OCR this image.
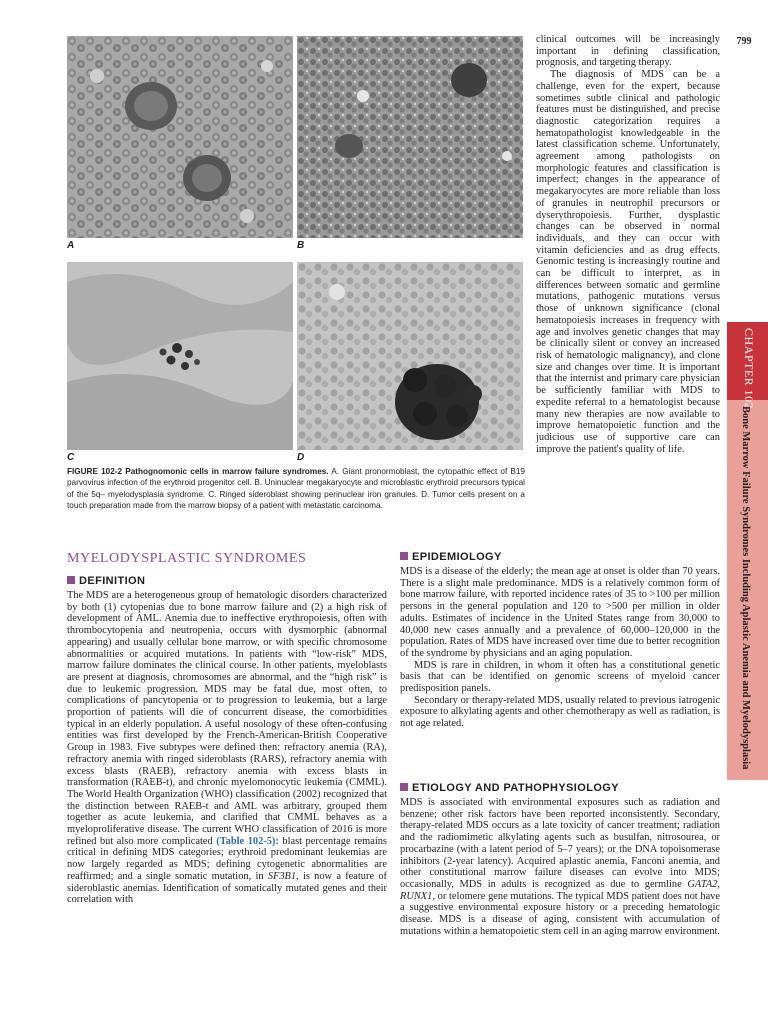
799
CHAPTER 102
Bone Marrow Failure Syndromes Including Aplastic Anemia and Myelodysplasia
A	B
C	D
FIGURE 102-2 Pathognomonic cells in marrow failure syndromes. A. Giant pronormoblast, the cytopathic effect of B19 parvovirus infection of the erythroid progenitor cell. B. Uninuclear megakaryocyte and microblastic erythroid precursors typical of the 5q– myelodysplasia syndrome. C. Ringed sideroblast showing perinuclear iron granules. D. Tumor cells present on a touch preparation made from the marrow biopsy of a patient with metastatic carcinoma.

clinical outcomes will be increasingly important in defining classification, prognosis, and targeting therapy.

The diagnosis of MDS can be a challenge, even for the expert, because sometimes subtle clinical and pathologic features must be distinguished, and precise diagnostic categorization requires a hematopathologist knowledgeable in the latest classification scheme. Unfortunately, agreement among pathologists on morphologic features and classification is imperfect; changes in the appearance of megakaryocytes are more reliable than loss of granules in neutrophil precursors or dyserythropoiesis. Further, dysplastic changes can be observed in normal individuals, and they can occur with vitamin deficiencies and as drug effects. Genomic testing is increasingly routine and can be difficult to interpret, as in differences between somatic and germline mutations, pathogenic mutations versus those of unknown significance (clonal hematopoiesis increases in frequency with age and involves genetic changes that may be clinically silent or convey an increased risk of hematologic malignancy), and clone size and changes over time. It is important that the internist and primary care physician be sufficiently familiar with MDS to expedite referral to a hematologist because many new therapies are now available to improve hematopoietic function and the judicious use of supportive care can improve the patient's quality of life.

MYELODYSPLASTIC SYNDROMES
DEFINITION

The MDS are a heterogeneous group of hematologic disorders characterized by both (1) cytopenias due to bone marrow failure and (2) a high risk of development of AML. Anemia due to ineffective erythropoiesis, often with thrombocytopenia and neutropenia, occurs with dysmorphic (abnormal appearing) and usually cellular bone marrow, or with specific chromosome abnormalities or acquired mutations. In patients with “low-risk” MDS, marrow failure dominates the clinical course. In other patients, myeloblasts are present at diagnosis, chromosomes are abnormal, and the “high risk” is due to leukemic progression. MDS may be fatal due, most often, to complications of pancytopenia or to progression to leukemia, but a large proportion of patients will die of concurrent disease, the comorbidities typical in an elderly population. A useful nosology of these often-confusing entities was first developed by the French-American-British Cooperative Group in 1983. Five subtypes were defined then: refractory anemia (RA), refractory anemia with ringed sideroblasts (RARS), refractory anemia with excess blasts (RAEB), refractory anemia with excess blasts in transformation (RAEB-t), and chronic myelomonocytic leukemia (CMML). The World Health Organization (WHO) classification (2002) recognized that the distinction between RAEB-t and AML was arbitrary, grouped them together as acute leukemia, and clarified that CMML behaves as a myeloproliferative disease. The current WHO classification of 2016 is more refined but also more complicated (Table 102-5): blast percentage remains critical in defining MDS categories; erythroid predominant leukemias are now largely regarded as MDS; defining cytogenetic abnormalities are reaffirmed; and a single somatic mutation, in SF3B1, is now a feature of sideroblastic anemias. Identification of somatically mutated genes and their correlation with

EPIDEMIOLOGY

MDS is a disease of the elderly; the mean age at onset is older than 70 years. There is a slight male predominance. MDS is a relatively common form of bone marrow failure, with reported incidence rates of 35 to >100 per million persons in the general population and 120 to >500 per million in older adults. Estimates of incidence in the United States range from 30,000 to 40,000 new cases annually and a prevalence of 60,000–120,000 in the population. Rates of MDS have increased over time due to better recognition of the syndrome by physicians and an aging population.

MDS is rare in children, in whom it often has a constitutional genetic basis that can be identified on genomic screens of myeloid cancer predisposition panels.

Secondary or therapy-related MDS, usually related to previous iatrogenic exposure to alkylating agents and other chemotherapy as well as radiation, is not age related.

ETIOLOGY AND PATHOPHYSIOLOGY

MDS is associated with environmental exposures such as radiation and benzene; other risk factors have been reported inconsistently. Secondary, therapy-related MDS occurs as a late toxicity of cancer treatment; radiation and the radiomimetic alkylating agents such as busulfan, nitrosourea, or procarbazine (with a latent period of 5–7 years); or the DNA topoisomerase inhibitors (2-year latency). Acquired aplastic anemia, Fanconi anemia, and other constitutional marrow failure diseases can evolve into MDS; occasionally, MDS in adults is recognized as due to germline GATA2, RUNX1, or telomere gene mutations. The typical MDS patient does not have a suggestive environmental exposure history or a preceding hematologic disease. MDS is a disease of aging, consistent with accumulation of mutations within a hematopoietic stem cell in an aging marrow environment.
